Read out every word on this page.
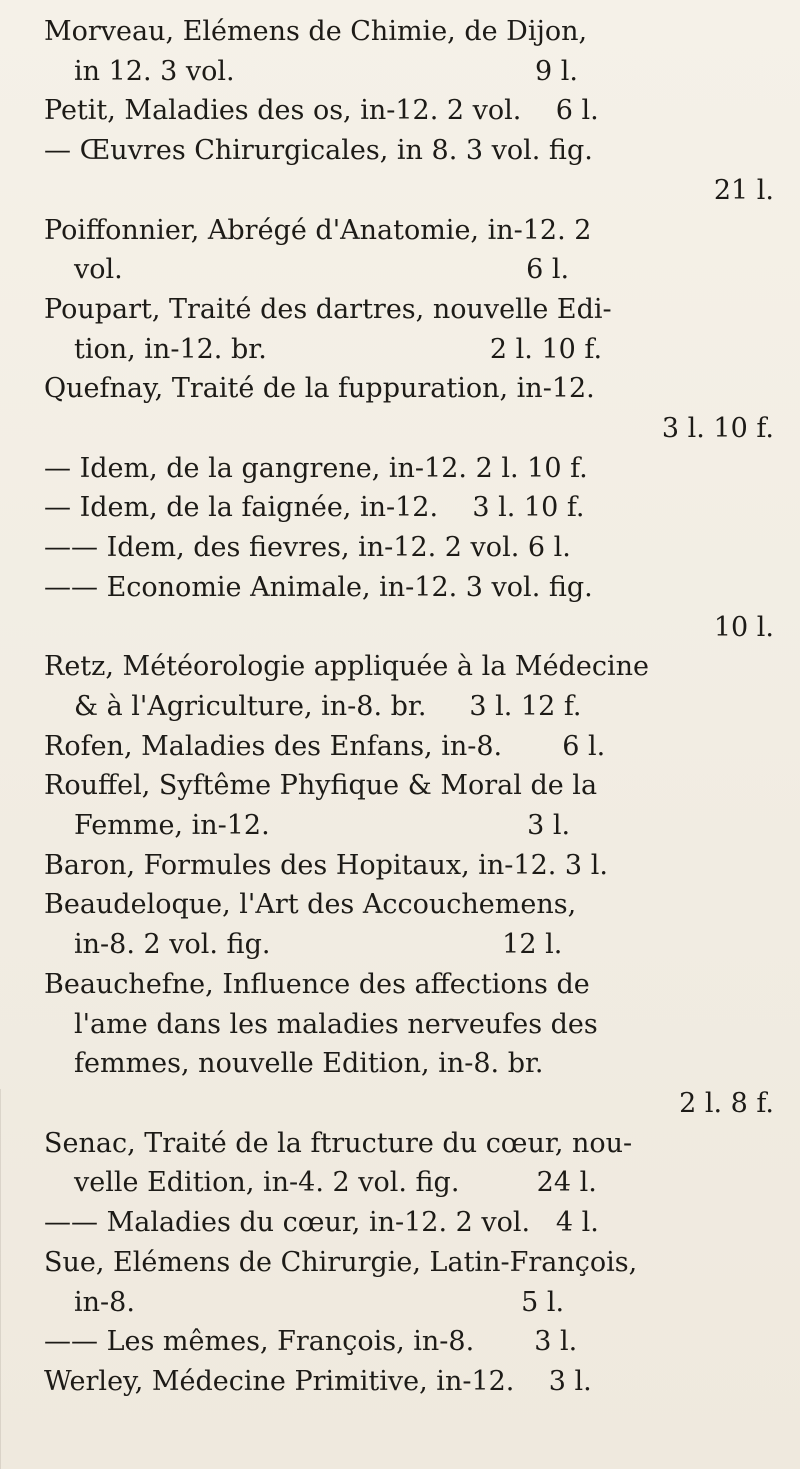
Morveau, Elémens de Chimie, de Dijon,
in 12. 3 vol.                                   9 l.
Petit, Maladies des os, in-12. 2 vol.    6 l.
— Œuvres Chirurgicales, in 8. 3 vol. fig.
21 l.
Poiffonnier, Abrégé d'Anatomie, in-12. 2
vol.                                               6 l.
Poupart, Traité des dartres, nouvelle Edi-
tion, in-12. br.                          2 l. 10 f.
Quefnay, Traité de la fuppuration, in-12.
3 l. 10 f.
— Idem, de la gangrene, in-12. 2 l. 10 f.
— Idem, de la faignée, in-12.    3 l. 10 f.
—— Idem, des fievres, in-12. 2 vol. 6 l.
—— Economie Animale, in-12. 3 vol. fig.
10 l.
Retz, Météorologie appliquée à la Médecine
& à l'Agriculture, in-8. br.     3 l. 12 f.
Rofen, Maladies des Enfans, in-8.       6 l.
Rouffel, Syftême Phyfique & Moral de la
Femme, in-12.                              3 l.
Baron, Formules des Hopitaux, in-12. 3 l.
Beaudeloque, l'Art des Accouchemens,
in-8. 2 vol. fig.                           12 l.
Beauchefne, Influence des affections de
l'ame dans les maladies nerveufes des
femmes, nouvelle Edition, in-8. br.
2 l. 8 f.
Senac, Traité de la ftructure du cœur, nou-
velle Edition, in-4. 2 vol. fig.         24 l.
—— Maladies du cœur, in-12. 2 vol.   4 l.
Sue, Elémens de Chirurgie, Latin-François,
in-8.                                             5 l.
—— Les mêmes, François, in-8.       3 l.
Werley, Médecine Primitive, in-12.    3 l.
